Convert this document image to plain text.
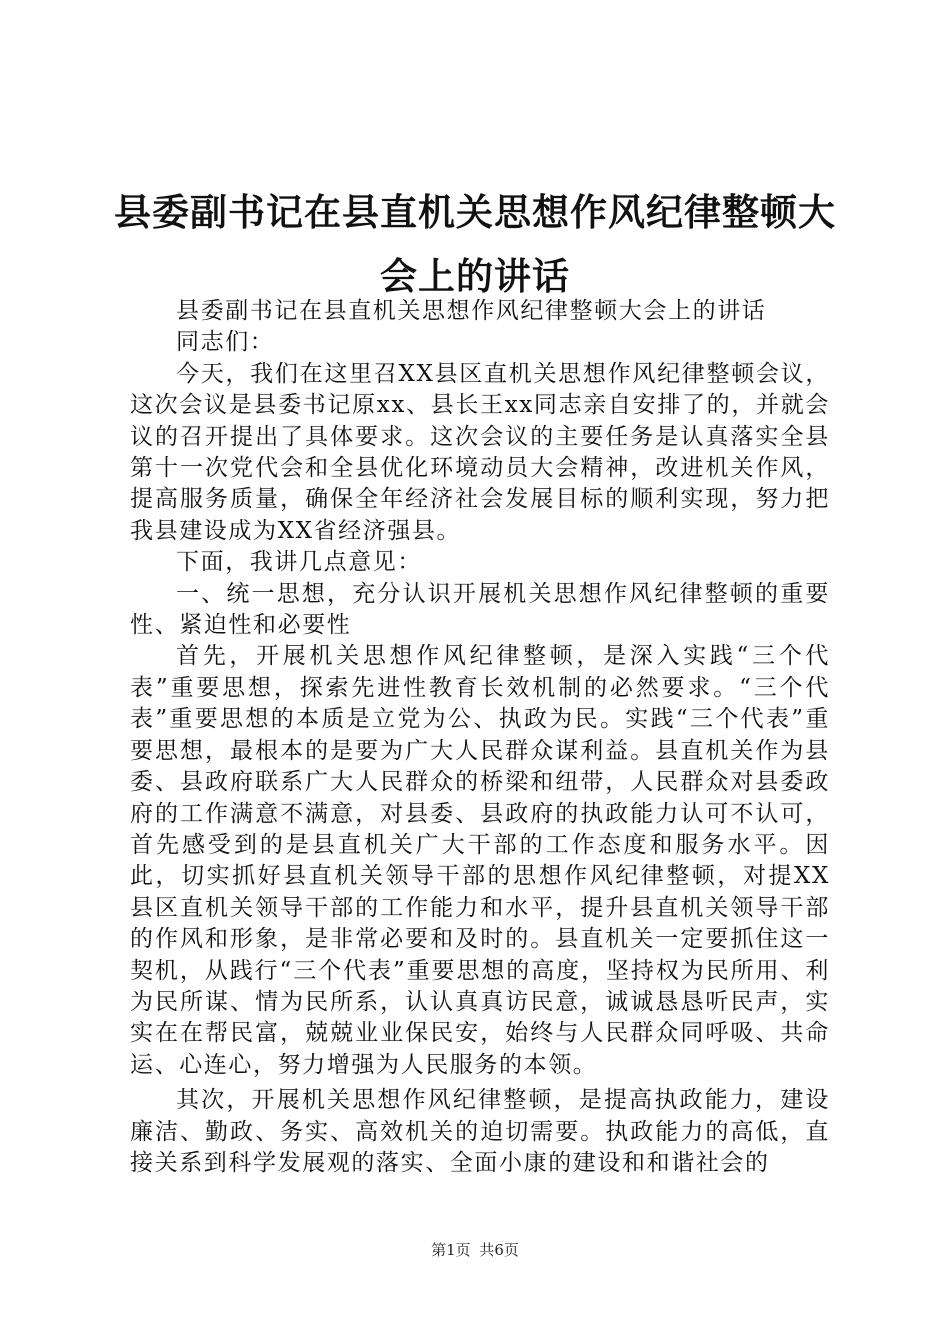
县委副书记在县直机关思想作风纪律整顿大会上的讲话

县委副书记在县直机关思想作风纪律整顿大会上的讲话

同志们：

今天，我们在这里召XX县区直机关思想作风纪律整顿会议，这次会议是县委书记原xx、县长王xx同志亲自安排了的，并就会议的召开提出了具体要求。这次会议的主要任务是认真落实全县第十一次党代会和全县优化环境动员大会精神，改进机关作风，提高服务质量，确保全年经济社会发展目标的顺利实现，努力把我县建设成为XX省经济强县。

下面，我讲几点意见：

一、统一思想，充分认识开展机关思想作风纪律整顿的重要性、紧迫性和必要性

首先，开展机关思想作风纪律整顿，是深入实践“三个代表”重要思想，探索先进性教育长效机制的必然要求。“三个代表”重要思想的本质是立党为公、执政为民。实践“三个代表”重要思想，最根本的是要为广大人民群众谋利益。县直机关作为县委、县政府联系广大人民群众的桥梁和纽带，人民群众对县委政府的工作满意不满意，对县委、县政府的执政能力认可不认可，首先感受到的是县直机关广大干部的工作态度和服务水平。因此，切实抓好县直机关领导干部的思想作风纪律整顿，对提XX县区直机关领导干部的工作能力和水平，提升县直机关领导干部的作风和形象，是非常必要和及时的。县直机关一定要抓住这一契机，从践行“三个代表”重要思想的高度，坚持权为民所用、利为民所谋、情为民所系，认认真真访民意，诚诚恳恳听民声，实实在在帮民富，兢兢业业保民安，始终与人民群众同呼吸、共命运、心连心，努力增强为人民服务的本领。

其次，开展机关思想作风纪律整顿，是提高执政能力，建设廉洁、勤政、务实、高效机关的迫切需要。执政能力的高低，直接关系到科学发展观的落实、全面小康的建设和和谐社会的

第1页 共6页
